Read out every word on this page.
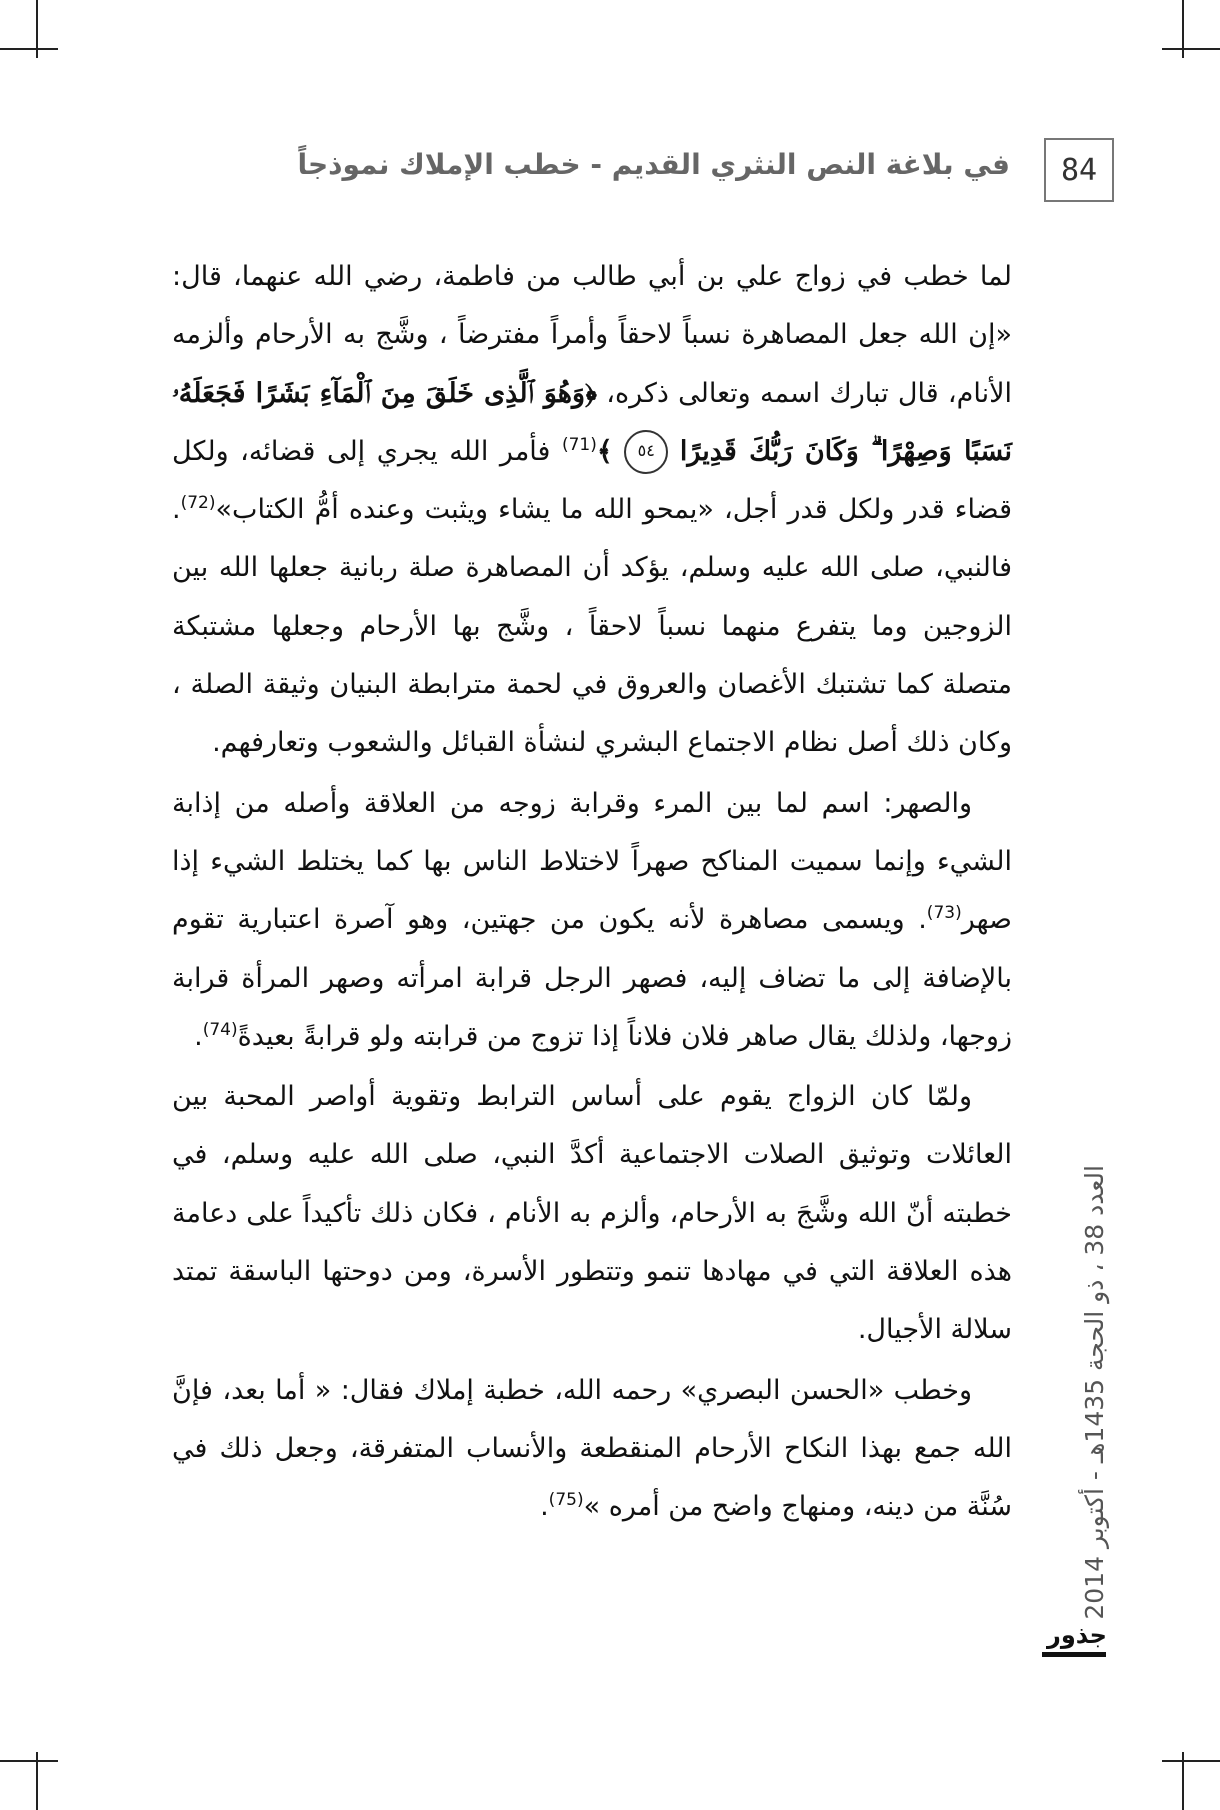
84
في بلاغة النص النثري القديم - خطب الإملاك نموذجاً

لما خطب في زواج علي بن أبي طالب من فاطمة، رضي الله عنهما، قال: «إن الله جعل المصاهرة نسباً لاحقاً وأمراً مفترضاً ، وشَّج به الأرحام وألزمه الأنام، قال تبارك اسمه وتعالى ذكره، ﴿وَهُوَ ٱلَّذِى خَلَقَ مِنَ ٱلْمَآءِ بَشَرًا فَجَعَلَهُۥ نَسَبًا وَصِهْرًا ۗ وَكَانَ رَبُّكَ قَدِيرًا ٥٤ ﴾$^{(71)}$ فأمر الله يجري إلى قضائه، ولكل قضاء قدر ولكل قدر أجل، «يمحو الله ما يشاء ويثبت وعنده أمُّ الكتاب»$^{(72)}$. فالنبي، صلى الله عليه وسلم، يؤكد أن المصاهرة صلة ربانية جعلها الله بين الزوجين وما يتفرع منهما نسباً لاحقاً ، وشَّج بها الأرحام وجعلها مشتبكة متصلة كما تشتبك الأغصان والعروق في لحمة مترابطة البنيان وثيقة الصلة ، وكان ذلك أصل نظام الاجتماع البشري لنشأة القبائل والشعوب وتعارفهم.

والصهر: اسم لما بين المرء وقرابة زوجه من العلاقة وأصله من إذابة الشيء وإنما سميت المناكح صهراً لاختلاط الناس بها كما يختلط الشيء إذا صهر$^{(73)}$. ويسمى مصاهرة لأنه يكون من جهتين، وهو آصرة اعتبارية تقوم بالإضافة إلى ما تضاف إليه، فصهر الرجل قرابة امرأته وصهر المرأة قرابة زوجها، ولذلك يقال صاهر فلان فلاناً إذا تزوج من قرابته ولو قرابةً بعيدةً$^{(74)}$.

ولمّا كان الزواج يقوم على أساس الترابط وتقوية أواصر المحبة بين العائلات وتوثيق الصلات الاجتماعية أكدَّ النبي، صلى الله عليه وسلم، في خطبته أنّ الله وشَّجَ به الأرحام، وألزم به الأنام ، فكان ذلك تأكيداً على دعامة هذه العلاقة التي في مهادها تنمو وتتطور الأسرة، ومن دوحتها الباسقة تمتد سلالة الأجيال.

وخطب «الحسن البصري» رحمه الله، خطبة إملاك فقال: « أما بعد، فإنَّ الله جمع بهذا النكاح الأرحام المنقطعة والأنساب المتفرقة، وجعل ذلك في سُنَّة من دينه، ومنهاج واضح من أمره »$^{(75)}$.

العدد 38 ، ذو الحجة 1435هـ - أكتوبر 2014
جذور
